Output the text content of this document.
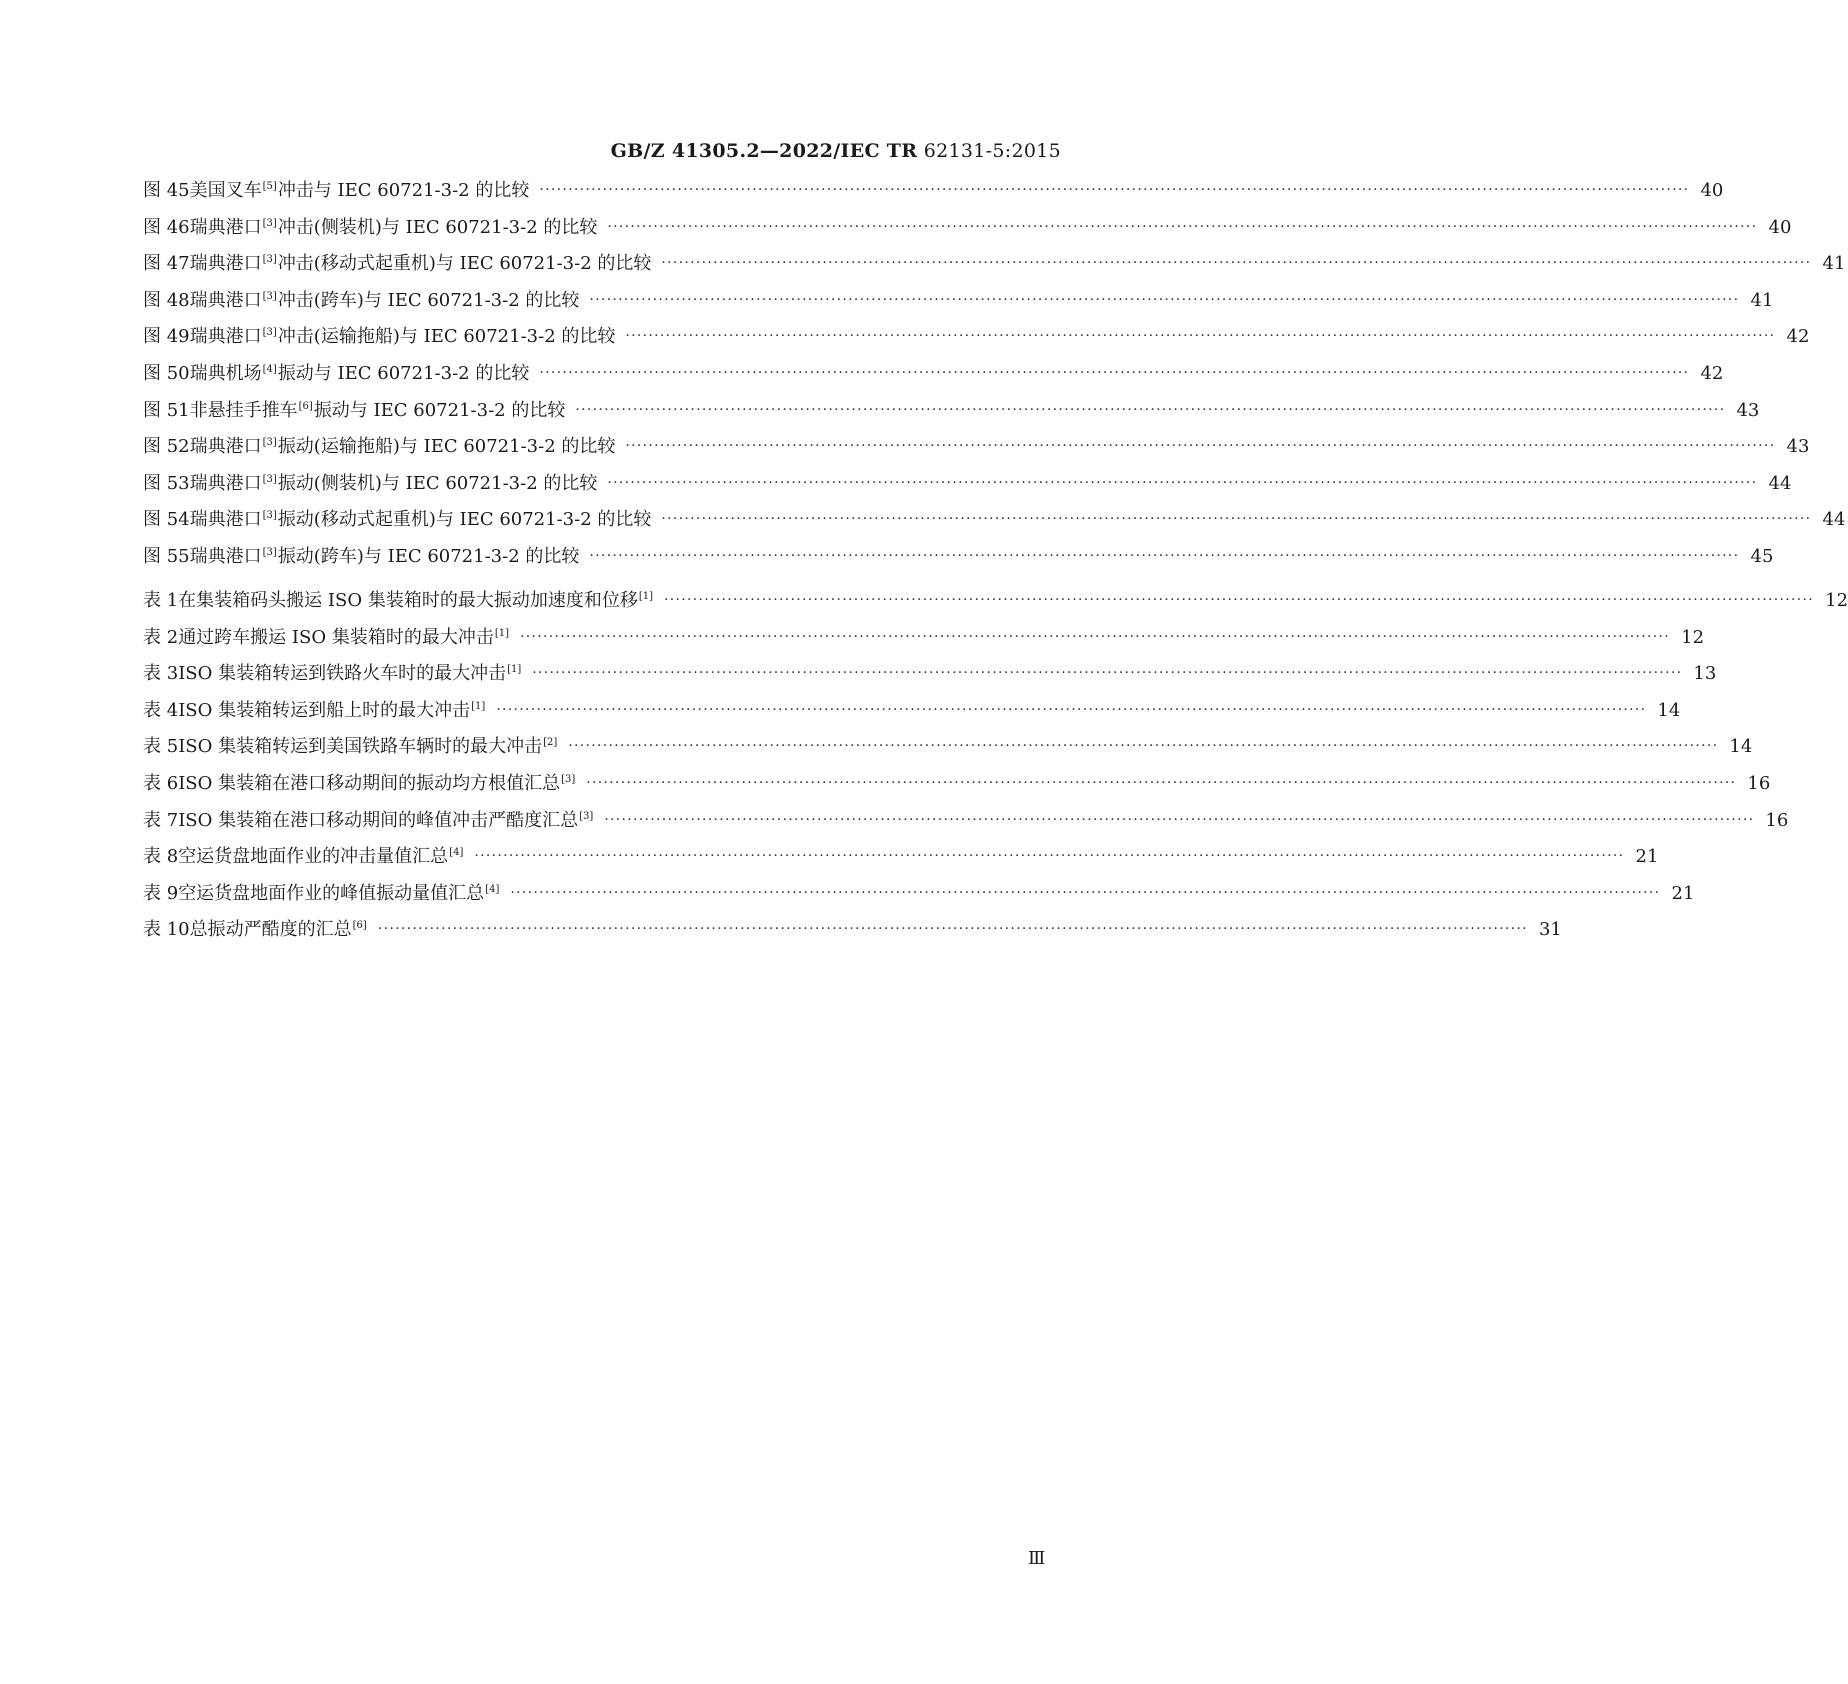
GB/Z 41305.2—2022/IEC TR 62131-5:2015
图 45 美国叉车[5]冲击与 IEC 60721-3-2 的比较 ········································································································································································································ 40
图 46 瑞典港口[3]冲击(侧装机)与 IEC 60721-3-2 的比较 ········································································································································································································ 40
图 47 瑞典港口[3]冲击(移动式起重机)与 IEC 60721-3-2 的比较 ········································································································································································································ 41
图 48 瑞典港口[3]冲击(跨车)与 IEC 60721-3-2 的比较 ········································································································································································································ 41
图 49 瑞典港口[3]冲击(运输拖船)与 IEC 60721-3-2 的比较 ········································································································································································································ 42
图 50 瑞典机场[4]振动与 IEC 60721-3-2 的比较 ········································································································································································································ 42
图 51 非悬挂手推车[6]振动与 IEC 60721-3-2 的比较 ········································································································································································································ 43
图 52 瑞典港口[3]振动(运输拖船)与 IEC 60721-3-2 的比较 ········································································································································································································ 43
图 53 瑞典港口[3]振动(侧装机)与 IEC 60721-3-2 的比较 ········································································································································································································ 44
图 54 瑞典港口[3]振动(移动式起重机)与 IEC 60721-3-2 的比较 ········································································································································································································ 44
图 55 瑞典港口[3]振动(跨车)与 IEC 60721-3-2 的比较 ········································································································································································································ 45
表 1 在集装箱码头搬运 ISO 集装箱时的最大振动加速度和位移[1] ········································································································································································································ 12
表 2 通过跨车搬运 ISO 集装箱时的最大冲击[1] ········································································································································································································ 12
表 3 ISO 集装箱转运到铁路火车时的最大冲击[1] ········································································································································································································ 13
表 4 ISO 集装箱转运到船上时的最大冲击[1] ········································································································································································································ 14
表 5 ISO 集装箱转运到美国铁路车辆时的最大冲击[2] ········································································································································································································ 14
表 6 ISO 集装箱在港口移动期间的振动均方根值汇总[3] ········································································································································································································ 16
表 7 ISO 集装箱在港口移动期间的峰值冲击严酷度汇总[3] ········································································································································································································ 16
表 8 空运货盘地面作业的冲击量值汇总[4] ········································································································································································································ 21
表 9 空运货盘地面作业的峰值振动量值汇总[4] ········································································································································································································ 21
表 10 总振动严酷度的汇总[6] ········································································································································································································ 31
Ⅲ
